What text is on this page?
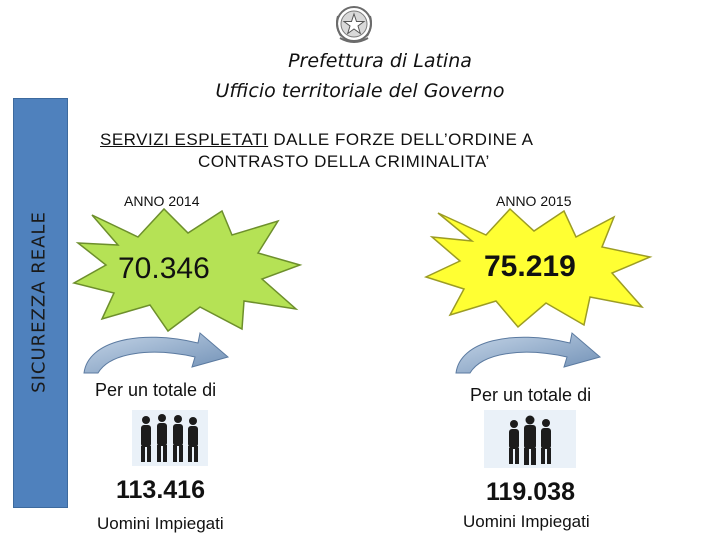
SICUREZZA REALE
Prefettura di Latina
Ufficio territoriale del Governo
SERVIZI ESPLETATI DALLE FORZE DELL’ORDINE A
CONTRASTO DELLA CRIMINALITA’
ANNO 2014	ANNO 2015
70.346	75.219
Per un totale di	Per un totale di
113.416	119.038
Uomini Impiegati	Uomini Impiegati
